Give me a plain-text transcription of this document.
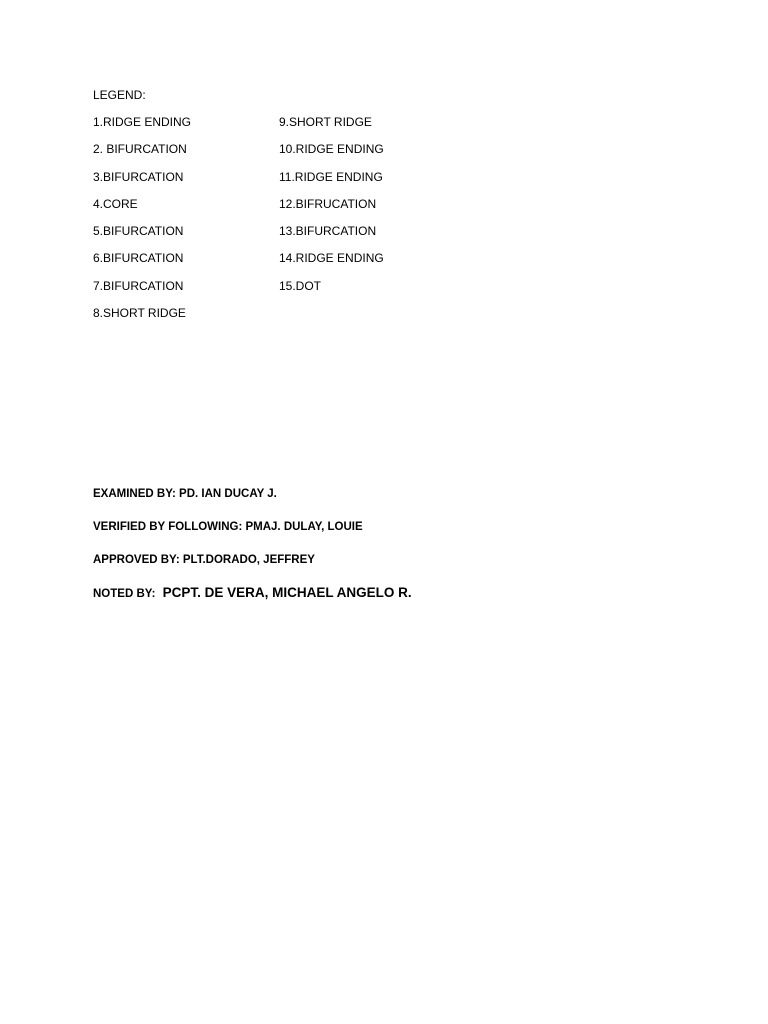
LEGEND:
1.RIDGE ENDING
2. BIFURCATION
3.BIFURCATION
4.CORE
5.BIFURCATION
6.BIFURCATION
7.BIFURCATION
8.SHORT RIDGE
9.SHORT RIDGE
10.RIDGE ENDING
11.RIDGE ENDING
12.BIFRUCATION
13.BIFURCATION
14.RIDGE ENDING
15.DOT
EXAMINED BY: PD. IAN DUCAY J.
VERIFIED BY FOLLOWING: PMAJ. DULAY, LOUIE
APPROVED BY: PLT.DORADO, JEFFREY
NOTED BY: PCPT. DE VERA, MICHAEL ANGELO R.
